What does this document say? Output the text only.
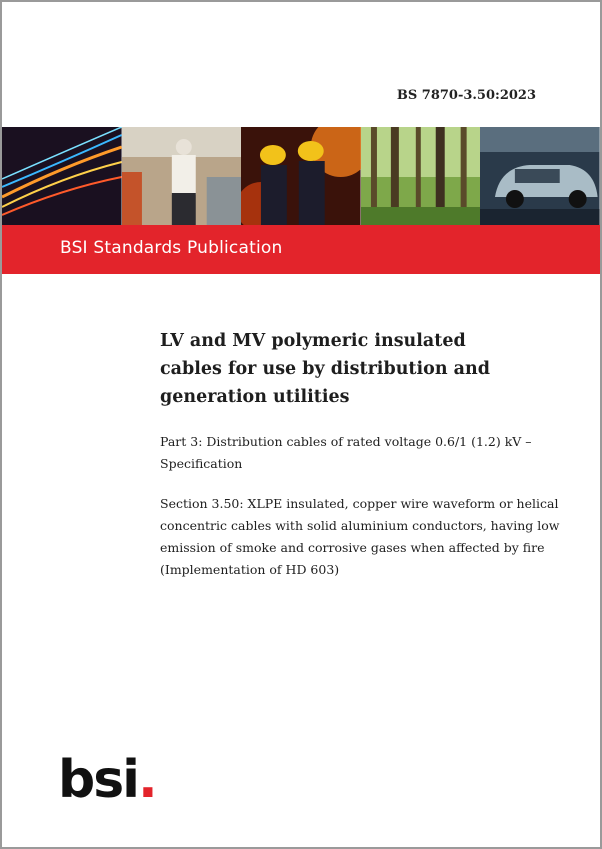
BS 7870-3.50:2023
BSI Standards Publication
LV and MV polymeric insulated
cables for use by distribution and
generation utilities
Part 3: Distribution cables of rated voltage 0.6/1 (1.2) kV –
Specification
Section 3.50: XLPE insulated, copper wire waveform or helical
concentric cables with solid aluminium conductors, having low
emission of smoke and corrosive gases when affected by fire
(Implementation of HD 603)
bsi.
